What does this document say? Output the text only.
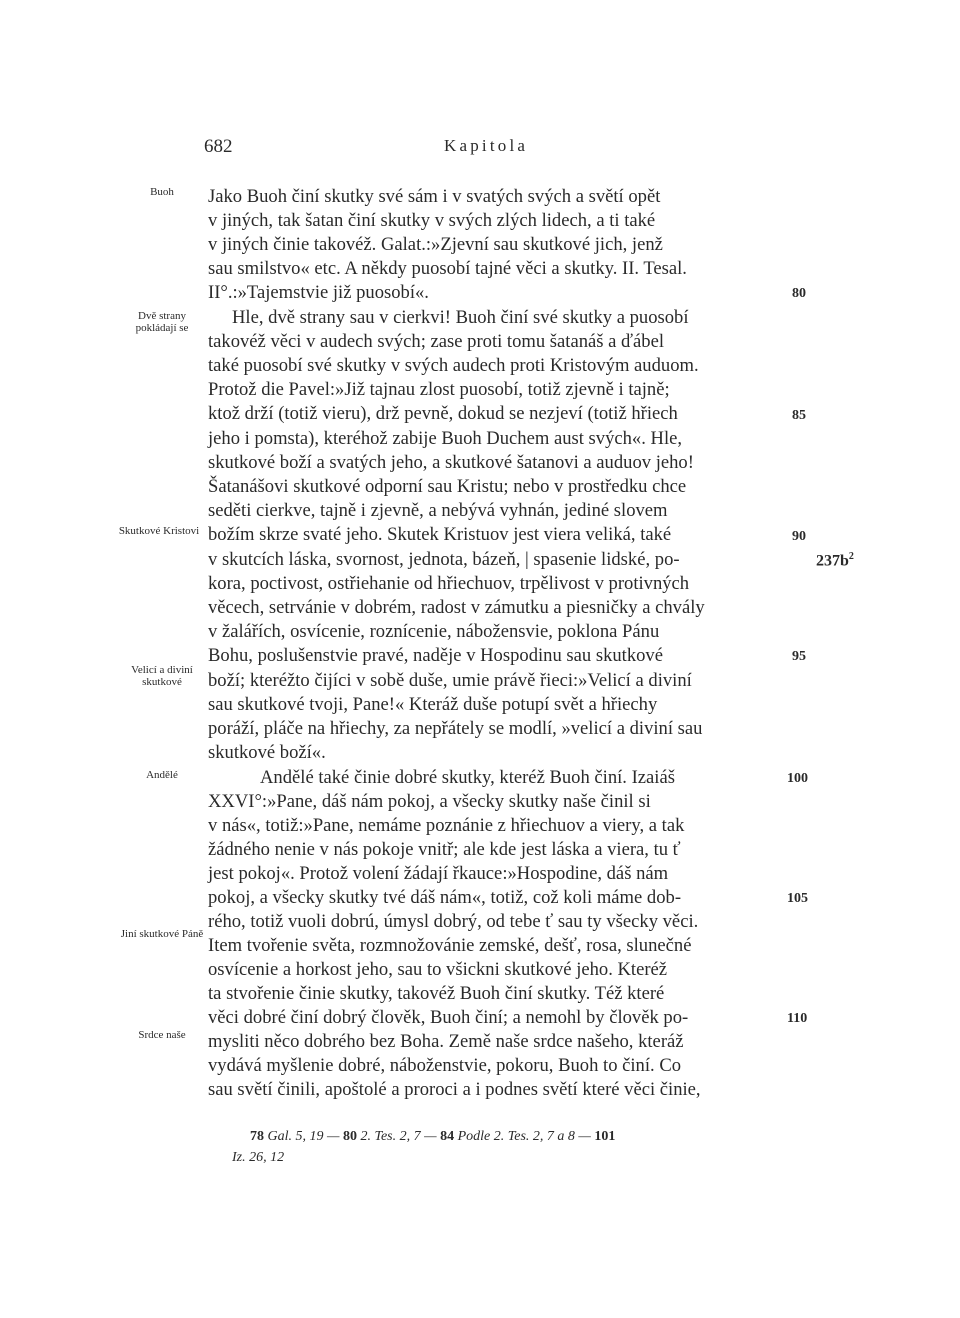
682	Kapitola
Buoh
Dvě strany pokládají se
Skutkové Kristovi
Velicí a diviní skutkové
Andělé
Jiní skutkové Páně
Srdce naše
Jako Buoh činí skutky své sám i v svatých svých a světí opět
v jiných, tak šatan činí skutky v svých zlých lidech, a ti také
v jiných činie takovéž. Galat.:»Zjevní sau skutkové jich, jenž
sau smilstvo« etc. A někdy puosobí tajné věci a skutky. II. Tesal.
II°.:»Tajemstvie již puosobí«.
Hle, dvě strany sau v cierkvi! Buoh činí své skutky a puosobí
takovéž věci v audech svých; zase proti tomu šatanáš a ďábel
také puosobí své skutky v svých audech proti Kristovým auduom.
Protož die Pavel:»Již tajnau zlost puosobí, totiž zjevně i tajně;
ktož drží (totiž vieru), drž pevně, dokud se nezjeví (totiž hřiech
jeho i pomsta), kteréhož zabije Buoh Duchem aust svých«. Hle,
skutkové boží a svatých jeho, a skutkové šatanovi a auduov jeho!
Šatanášovi skutkové odporní sau Kristu; nebo v prostředku chce
seděti cierkve, tajně i zjevně, a nebývá vyhnán, jediné slovem
božím skrze svaté jeho. Skutek Kristuov jest viera veliká, také
v skutcích láska, svornost, jednota, bázeň, | spasenie lidské, po-
kora, poctivost, ostřiehanie od hřiechuov, trpělivost v protivných
věcech, setrvánie v dobrém, radost v zámutku a piesničky a chvály
v žalářích, osvícenie, roznícenie, nábožensvie, poklona Pánu
Bohu, poslušenstvie pravé, naděje v Hospodinu sau skutkové
boží; kteréžto čijíci v sobě duše, umie právě řieci:»Velicí a diviní
sau skutkové tvoji, Pane!« Kteráž duše potupí svět a hřiechy
poráží, pláče na hřiechy, za nepřátely se modlí, »velicí a diviní sau
skutkové boží«.
Andělé také činie dobré skutky, kteréž Buoh činí. Izaiáš
XXVI°:»Pane, dáš nám pokoj, a všecky skutky naše činil si
v nás«, totiž:»Pane, nemáme poznánie z hřiechuov a viery, a tak
žádného nenie v nás pokoje vnitř; ale kde jest láska a viera, tu ť
jest pokoj«. Protož volení žádají řkauce:»Hospodine, dáš nám
pokoj, a všecky skutky tvé dáš nám«, totiž, což koli máme dob-
rého, totiž vuoli dobrú, úmysl dobrý, od tebe ť sau ty všecky věci.
Item tvořenie světa, rozmnožovánie zemské, dešť, rosa, slunečné
osvícenie a horkost jeho, sau to všickni skutkové jeho. Kteréž
ta stvořenie činie skutky, takovéž Buoh činí skutky. Též které
věci dobré činí dobrý člověk, Buoh činí; a nemohl by člověk po-
mysliti něco dobrého bez Boha. Země naše srdce našeho, kteráž
vydává myšlenie dobré, náboženstvie, pokoru, Buoh to činí. Co
sau světí činili, apoštolé a proroci a i podnes světí které věci činie,
80
85
90
95
100
105
110
$237b^2$
78 Gal. 5, 19 — 80 2. Tes. 2, 7 — 84 Podle 2. Tes. 2, 7 a 8 — 101
Iz. 26, 12
